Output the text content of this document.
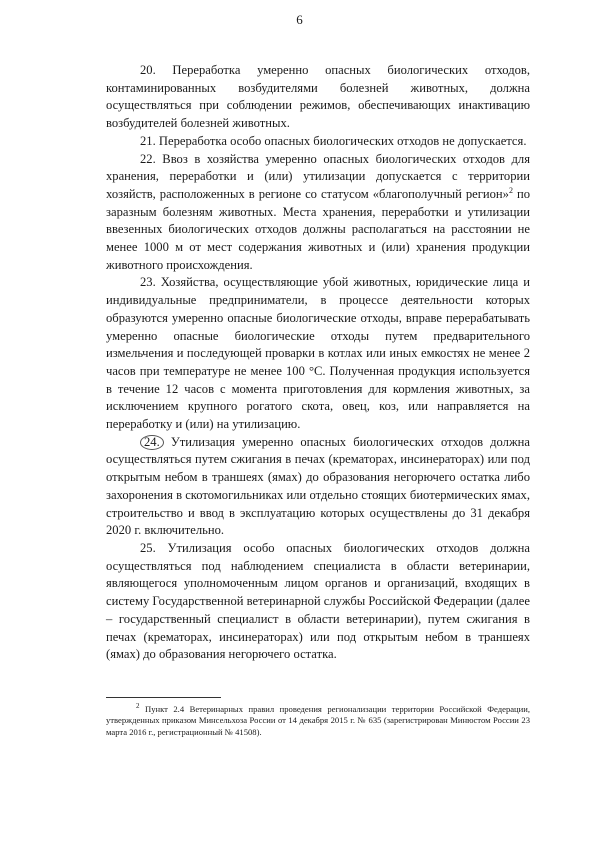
6

20. Переработка умеренно опасных биологических отходов, контаминированных возбудителями болезней животных, должна осуществляться при соблюдении режимов, обеспечивающих инактивацию возбудителей болезней животных.

21. Переработка особо опасных биологических отходов не допускается.

22. Ввоз в хозяйства умеренно опасных биологических отходов для хранения, переработки и (или) утилизации допускается с территории хозяйств, расположенных в регионе со статусом «благополучный регион»$^2$ по заразным болезням животных. Места хранения, переработки и утилизации ввезенных биологических отходов должны располагаться на расстоянии не менее 1000 м от мест содержания животных и (или) хранения продукции животного происхождения.

23. Хозяйства, осуществляющие убой животных, юридические лица и индивидуальные предприниматели, в процессе деятельности которых образуются умеренно опасные биологические отходы, вправе перерабатывать умеренно опасные биологические отходы путем предварительного измельчения и последующей проварки в котлах или иных емкостях не менее 2 часов при температуре не менее 100 °С. Полученная продукция используется в течение 12 часов с момента приготовления для кормления животных, за исключением крупного рогатого скота, овец, коз, или направляется на переработку и (или) на утилизацию.

24. Утилизация умеренно опасных биологических отходов должна осуществляться путем сжигания в печах (крематорах, инсинераторах) или под открытым небом в траншеях (ямах) до образования негорючего остатка либо захоронения в скотомогильниках или отдельно стоящих биотермических ямах, строительство и ввод в эксплуатацию которых осуществлены до 31 декабря 2020 г. включительно.

25. Утилизация особо опасных биологических отходов должна осуществляться под наблюдением специалиста в области ветеринарии, являющегося уполномоченным лицом органов и организаций, входящих в систему Государственной ветеринарной службы Российской Федерации (далее – государственный специалист в области ветеринарии), путем сжигания в печах (крематорах, инсинераторах) или под открытым небом в траншеях (ямах) до образования негорючего остатка.

$^2$ Пункт 2.4 Ветеринарных правил проведения регионализации территории Российской Федерации, утвержденных приказом Минсельхоза России от 14 декабря 2015 г. № 635 (зарегистрирован Минюстом России 23 марта 2016 г., регистрационный № 41508).
